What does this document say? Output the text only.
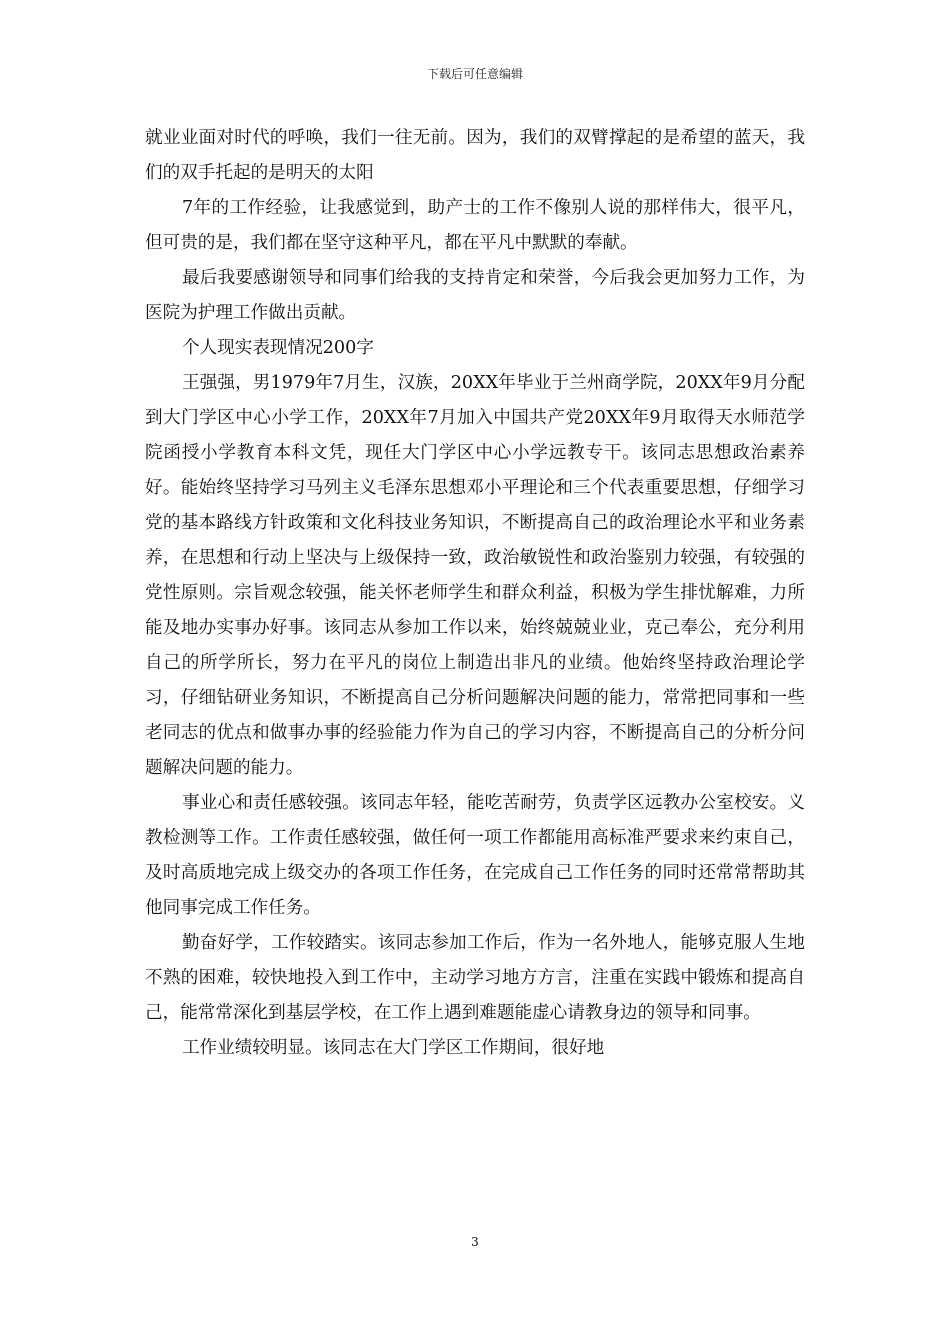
下载后可任意编辑

就业业面对时代的呼唤，我们一往无前。因为，我们的双臂撑起的是希望的蓝天，我们的双手托起的是明天的太阳

7年的工作经验，让我感觉到，助产士的工作不像别人说的那样伟大，很平凡，但可贵的是，我们都在坚守这种平凡，都在平凡中默默的奉献。

最后我要感谢领导和同事们给我的支持肯定和荣誉，今后我会更加努力工作，为医院为护理工作做出贡献。

个人现实表现情况200字

王强强，男1979年7月生，汉族，20XX年毕业于兰州商学院，20XX年9月分配到大门学区中心小学工作，20XX年7月加入中国共产党20XX年9月取得天水师范学院函授小学教育本科文凭，现任大门学区中心小学远教专干。该同志思想政治素养好。能始终坚持学习马列主义毛泽东思想邓小平理论和三个代表重要思想，仔细学习党的基本路线方针政策和文化科技业务知识，不断提高自己的政治理论水平和业务素养，在思想和行动上坚决与上级保持一致，政治敏锐性和政治鉴别力较强，有较强的党性原则。宗旨观念较强，能关怀老师学生和群众利益，积极为学生排忧解难，力所能及地办实事办好事。该同志从参加工作以来，始终兢兢业业，克己奉公，充分利用自己的所学所长，努力在平凡的岗位上制造出非凡的业绩。他始终坚持政治理论学习，仔细钻研业务知识，不断提高自己分析问题解决问题的能力，常常把同事和一些老同志的优点和做事办事的经验能力作为自己的学习内容，不断提高自己的分析分问题解决问题的能力。

事业心和责任感较强。该同志年轻，能吃苦耐劳，负责学区远教办公室校安。义教检测等工作。工作责任感较强，做任何一项工作都能用高标准严要求来约束自己，及时高质地完成上级交办的各项工作任务，在完成自己工作任务的同时还常常帮助其他同事完成工作任务。

勤奋好学，工作较踏实。该同志参加工作后，作为一名外地人，能够克服人生地不熟的困难，较快地投入到工作中，主动学习地方方言，注重在实践中锻炼和提高自己，能常常深化到基层学校，在工作上遇到难题能虚心请教身边的领导和同事。

工作业绩较明显。该同志在大门学区工作期间，很好地

3
